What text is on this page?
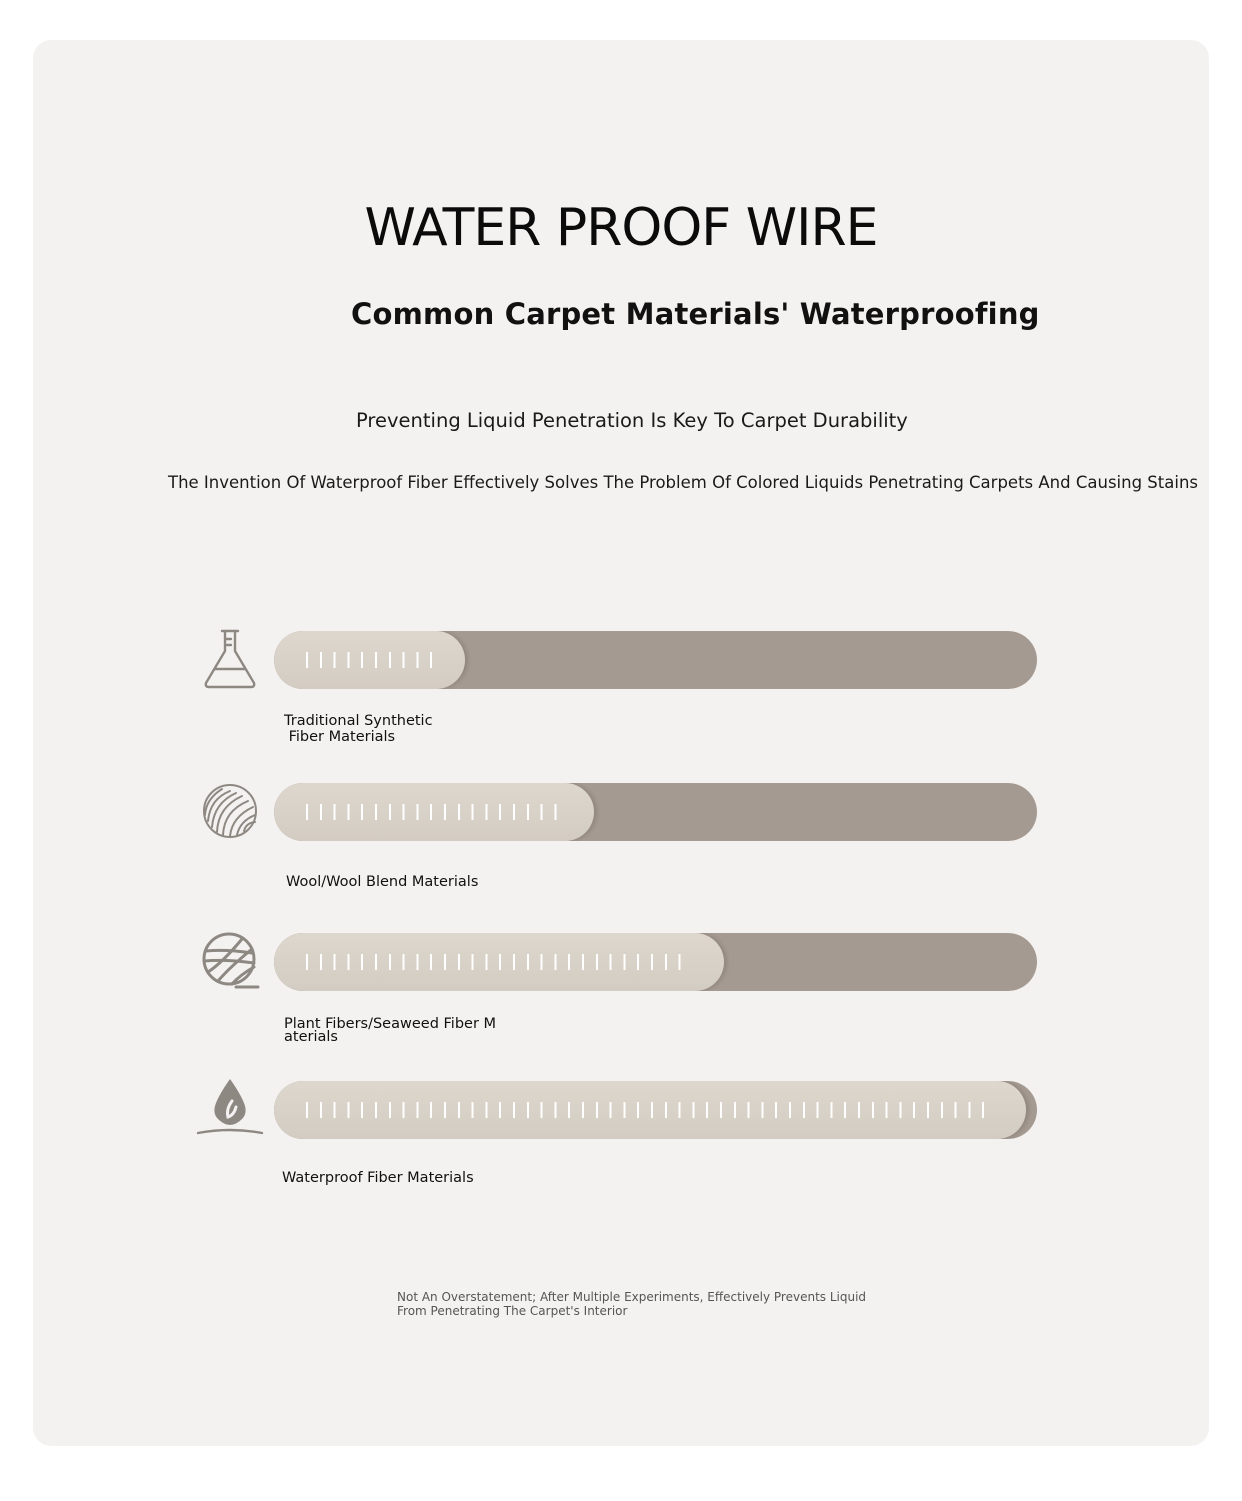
WATER PROOF WIRE
Common Carpet Materials' Waterproofing
Preventing Liquid Penetration Is Key To Carpet Durability
The Invention Of Waterproof Fiber Effectively Solves The Problem Of Colored Liquids Penetrating Carpets And Causing Stains
Traditional Synthetic
Fiber Materials
Wool/Wool Blend Materials
Plant Fibers/Seaweed Fiber M
aterials
Waterproof Fiber Materials
Not An Overstatement; After Multiple Experiments, Effectively Prevents Liquid
From Penetrating The Carpet's Interior
